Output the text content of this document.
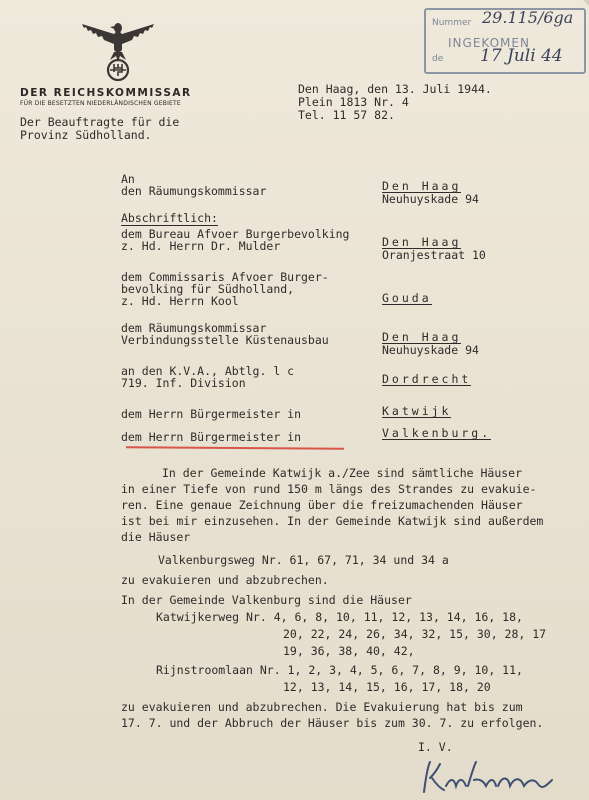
DER REICHSKOMMISSAR
FÜR DIE BESETZTEN NIEDERLÄNDISCHEN GEBIETE
Der Beauftragte für die
Provinz Südholland.
Den Haag, den 13. Juli 1944.
Plein 1813 Nr. 4
Tel. 11 57 82.
Nummer 29.115/6ga
INGEKOMEN
de 17 Juli 44
An
den Räumungskommissar	Den Haag
Neuhuyskade 94
Abschriftlich:
dem Bureau Afvoer Burgerbevolking
z. Hd. Herrn Dr. Mulder	Den Haag
Oranjestraat 10
dem Commissaris Afvoer Burger-
bevolking für Südholland,
z. Hd. Herrn Kool	Gouda
dem Räumungskommissar
Verbindungsstelle Küstenausbau	Den Haag
Neuhuyskade 94
an den K.V.A., Abtlg. l c
719. Inf. Division	Dordrecht
dem Herrn Bürgermeister in	Katwijk
dem Herrn Bürgermeister in	Valkenburg.
In der Gemeinde Katwijk a./Zee sind sämtliche Häuser
in einer Tiefe von rund 150 m längs des Strandes zu evakuie-
ren. Eine genaue Zeichnung über die freizumachenden Häuser
ist bei mir einzusehen. In der Gemeinde Katwijk sind außerdem
die Häuser
Valkenburgsweg Nr. 61, 67, 71, 34 und 34 a
zu evakuieren und abzubrechen.
In der Gemeinde Valkenburg sind die Häuser
Katwijkerweg Nr. 4, 6, 8, 10, 11, 12, 13, 14, 16, 18,
20, 22, 24, 26, 34, 32, 15, 30, 28, 17
19, 36, 38, 40, 42,
Rijnstroomlaan Nr. 1, 2, 3, 4, 5, 6, 7, 8, 9, 10, 11,
12, 13, 14, 15, 16, 17, 18, 20
zu evakuieren und abzubrechen. Die Evakuierung hat bis zum
17. 7. und der Abbruch der Häuser bis zum 30. 7. zu erfolgen.
I. V.
